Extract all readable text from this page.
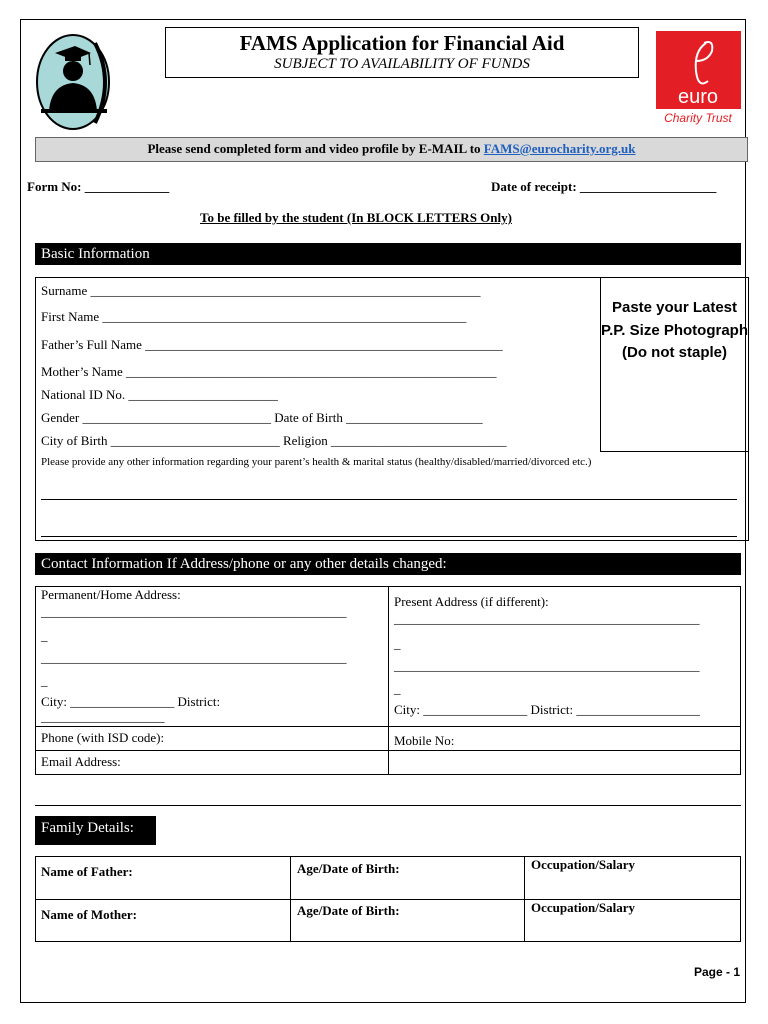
FAMS Application for Financial Aid
SUBJECT TO AVAILABILITY OF FUNDS
euro
Charity Trust
Please send completed form and video profile by E-MAIL to FAMS@eurocharity.org.uk
Form No: _____________	Date of receipt: _____________________
To be filled by the student (In BLOCK LETTERS Only)
Basic Information
Surname ____________________________________________________________
First Name ________________________________________________________
Father’s Full Name _______________________________________________________
Mother’s Name _________________________________________________________
National ID No. _______________________
Gender _____________________________ Date of Birth _____________________
City of Birth __________________________ Religion ___________________________
Please provide any other information regarding your parent’s health & marital status (healthy/disabled/married/divorced etc.)
Paste your Latest P.P. Size Photograph (Do not staple)
Contact Information If Address/phone or any other details changed:
Permanent/Home Address:
_______________________________________________
_
_______________________________________________
_
City: ________________ District:
___________________
Present Address (if different):
_______________________________________________
_
_______________________________________________
_
City: ________________ District: ___________________
Phone (with ISD code):	Mobile No:
Email Address:
Family Details:
Name of Father:	Age/Date of Birth:	Occupation/Salary
Name of Mother:	Age/Date of Birth:	Occupation/Salary
Page - 1
